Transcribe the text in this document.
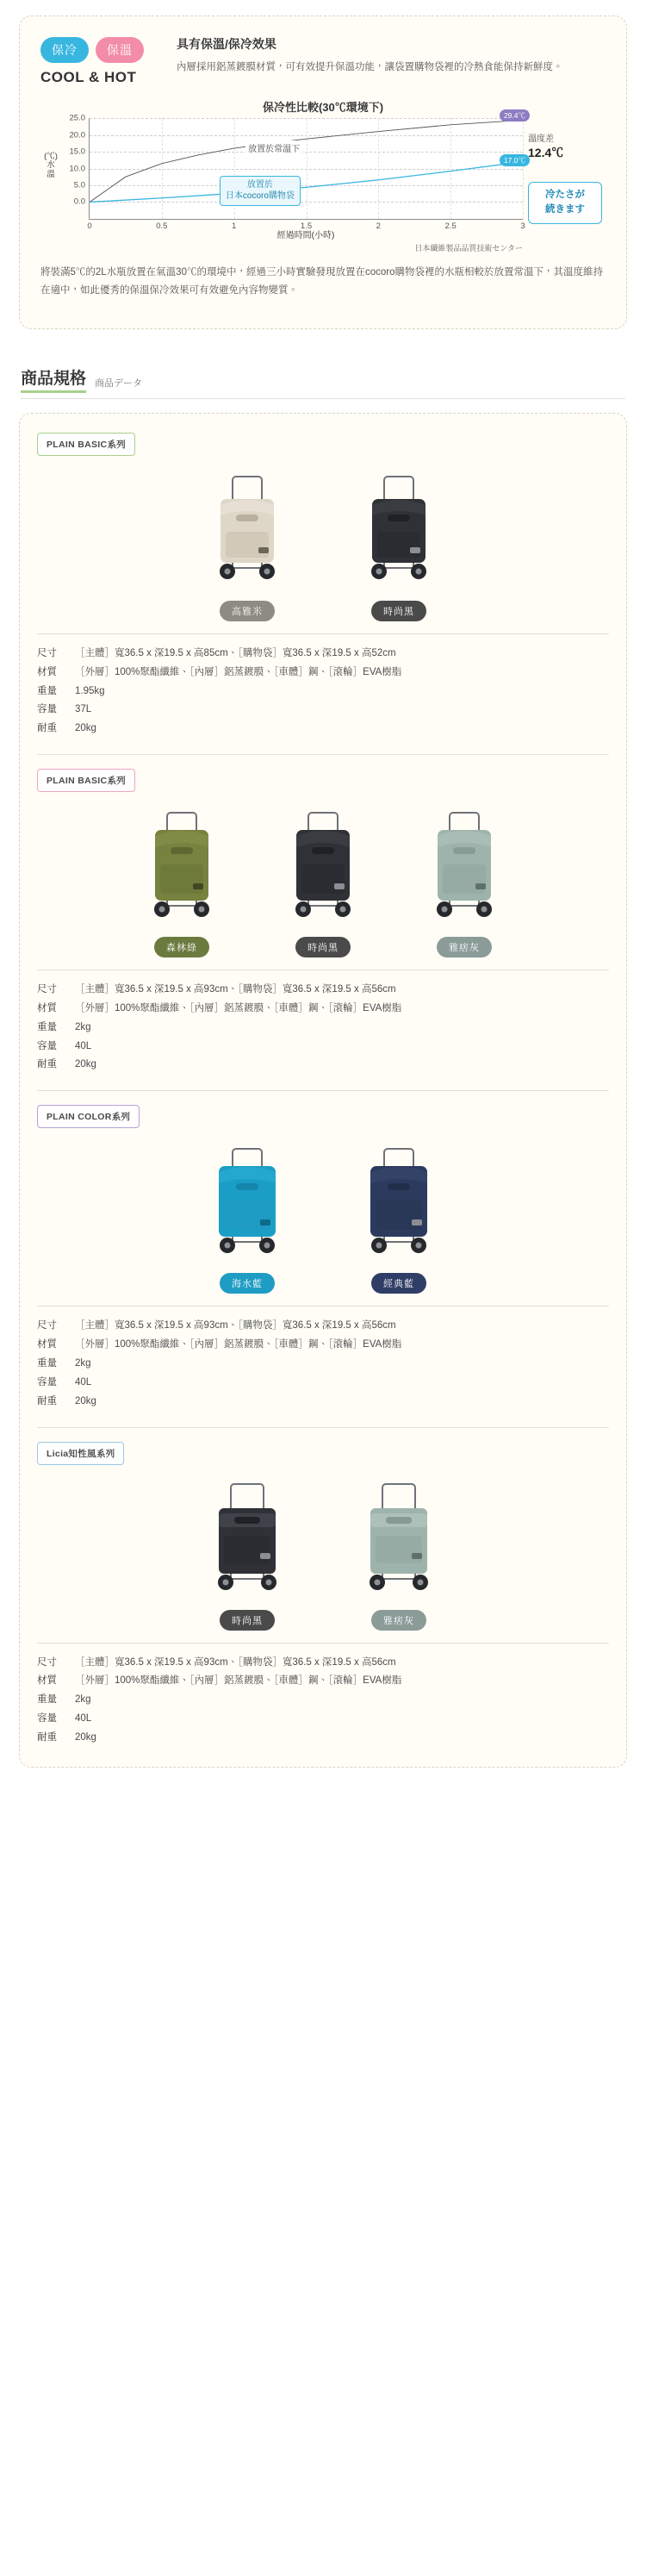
保冷	保溫
COOL & HOT
具有保溫/保冷效果

內層採用鋁蒸鍍膜材質，可有效提升保溫功能，讓袋置購物袋裡的冷熱食能保持新鮮度。

保冷性比較(30℃環境下)
(℃)水溫
25.0
20.0
15.0
10.0
5.0
0.0
0	0.5	1	1.5	2	2.5	3
29.4℃
17.0℃
放置於常溫下
放置於
日本cocoro購物袋
經過時間(小時)
溫度差
12.4℃
冷たさが
続きます
日本纖維製品品質技術センター

將裝滿5℃的2L水瓶放置在氣溫30℃的環境中，經過三小時實驗發現放置在cocoro購物袋裡的水瓶相較於放置常溫下，其溫度維持在適中，如此優秀的保溫保冷效果可有效避免內容物變質。

商品規格 商品データ
PLAIN BASIC系列
高雅米	時尚黑
尺寸	［主體］寬36.5 x 深19.5 x 高85cm、［購物袋］寬36.5 x 深19.5 x 高52cm
材質	［外層］100%聚酯纖維、［內層］鋁蒸鍍膜、［車體］鋼、［滾輪］EVA樹脂
重量	1.95kg
容量	37L
耐重	20kg
PLAIN BASIC系列
森林綠	時尚黑	雅痞灰
尺寸	［主體］寬36.5 x 深19.5 x 高93cm、［購物袋］寬36.5 x 深19.5 x 高56cm
材質	［外層］100%聚酯纖維、［內層］鋁蒸鍍膜、［車體］鋼、［滾輪］EVA樹脂
重量	2kg
容量	40L
耐重	20kg
PLAIN COLOR系列
海水藍	經典藍
尺寸	［主體］寬36.5 x 深19.5 x 高93cm、［購物袋］寬36.5 x 深19.5 x 高56cm
材質	［外層］100%聚酯纖維、［內層］鋁蒸鍍膜、［車體］鋼、［滾輪］EVA樹脂
重量	2kg
容量	40L
耐重	20kg
Licia知性風系列
時尚黑	雅痞灰
尺寸	［主體］寬36.5 x 深19.5 x 高93cm、［購物袋］寬36.5 x 深19.5 x 高56cm
材質	［外層］100%聚酯纖維、［內層］鋁蒸鍍膜、［車體］鋼、［滾輪］EVA樹脂
重量	2kg
容量	40L
耐重	20kg
